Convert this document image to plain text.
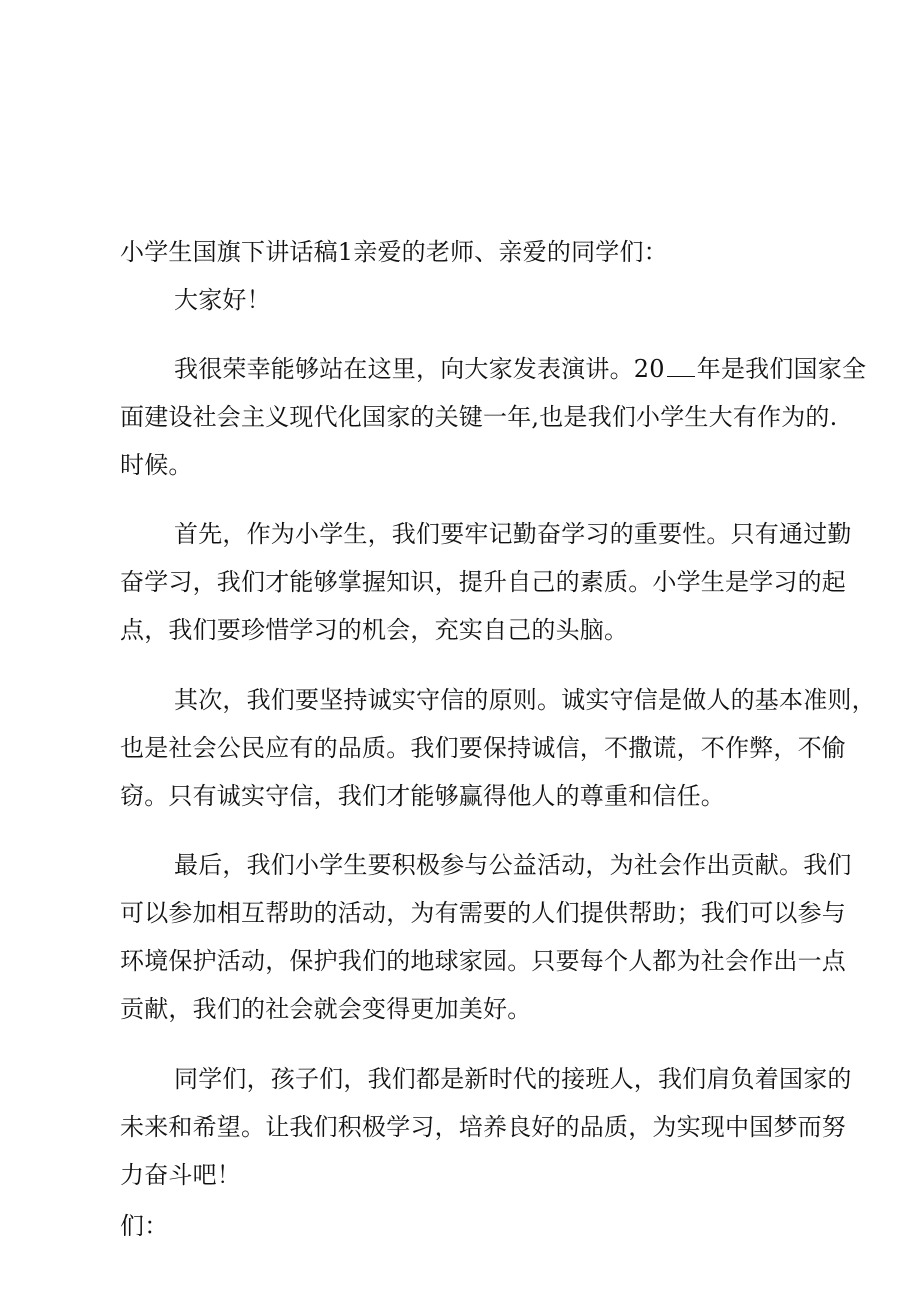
小学生国旗下讲话稿1亲爱的老师、亲爱的同学们：
大家好！
我很荣幸能够站在这里，向大家发表演讲。20 年是我们国家全
面建设社会主义现代化国家的关键一年,也是我们小学生大有作为的.
时候。
首先，作为小学生，我们要牢记勤奋学习的重要性。只有通过勤
奋学习，我们才能够掌握知识，提升自己的素质。小学生是学习的起
点，我们要珍惜学习的机会，充实自己的头脑。
其次，我们要坚持诚实守信的原则。诚实守信是做人的基本准则，
也是社会公民应有的品质。我们要保持诚信，不撒谎，不作弊，不偷
窃。只有诚实守信，我们才能够赢得他人的尊重和信任。
最后，我们小学生要积极参与公益活动，为社会作出贡献。我们
可以参加相互帮助的活动，为有需要的人们提供帮助；我们可以参与
环境保护活动，保护我们的地球家园。只要每个人都为社会作出一点
贡献，我们的社会就会变得更加美好。
同学们，孩子们，我们都是新时代的接班人，我们肩负着国家的
未来和希望。让我们积极学习，培养良好的品质，为实现中国梦而努
力奋斗吧！
们：
